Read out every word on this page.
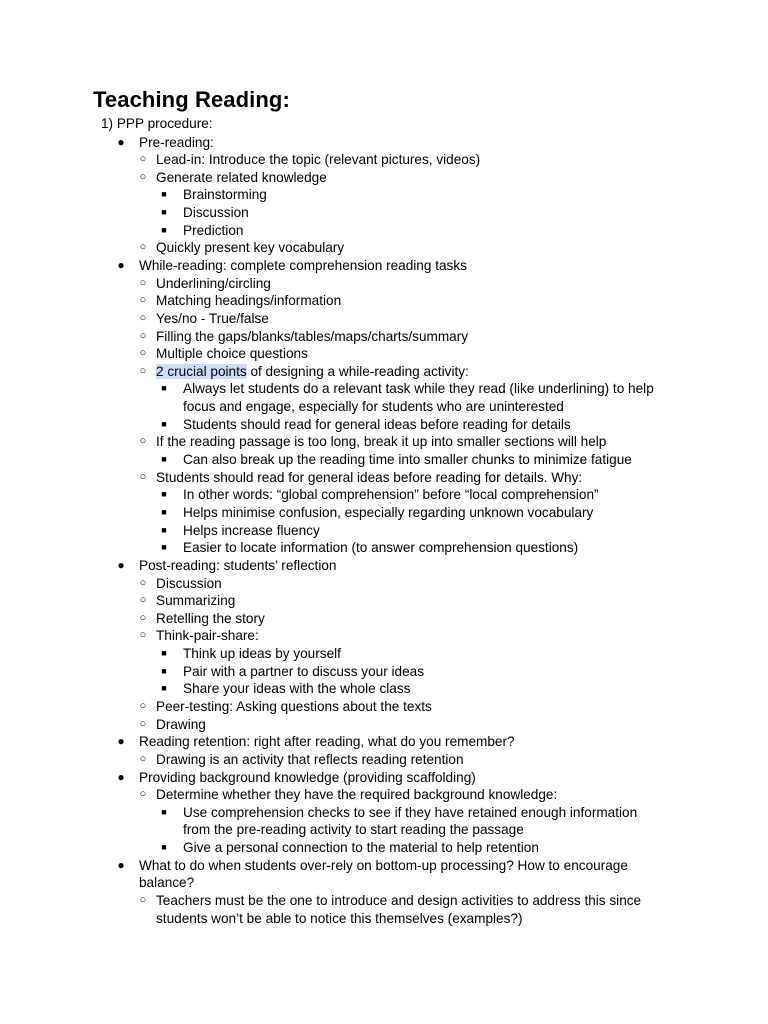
Teaching Reading:
1) PPP procedure:
● Pre-reading:
○ Lead-in: Introduce the topic (relevant pictures, videos)
○ Generate related knowledge
■	Brainstorming
■	Discussion
■	Prediction
○ Quickly present key vocabulary
● While-reading: complete comprehension reading tasks
○ Underlining/circling
○ Matching headings/information
○ Yes/no - True/false
○ Filling the gaps/blanks/tables/maps/charts/summary
○ Multiple choice questions
○ 2 crucial points of designing a while-reading activity:
■	Always let students do a relevant task while they read (like underlining) to help
focus and engage, especially for students who are uninterested
■	Students should read for general ideas before reading for details
○ If the reading passage is too long, break it up into smaller sections will help
■	Can also break up the reading time into smaller chunks to minimize fatigue
○ Students should read for general ideas before reading for details. Why:
■	In other words: “global comprehension” before “local comprehension”
■	Helps minimise confusion, especially regarding unknown vocabulary
■	Helps increase fluency
■	Easier to locate information (to answer comprehension questions)
● Post-reading: students’ reflection
○ Discussion
○ Summarizing
○ Retelling the story
○ Think-pair-share:
■	Think up ideas by yourself
■	Pair with a partner to discuss your ideas
■	Share your ideas with the whole class
○ Peer-testing: Asking questions about the texts
○ Drawing
● Reading retention: right after reading, what do you remember?
○ Drawing is an activity that reflects reading retention
● Providing background knowledge (providing scaffolding)
○ Determine whether they have the required background knowledge:
■	Use comprehension checks to see if they have retained enough information
from the pre-reading activity to start reading the passage
■	Give a personal connection to the material to help retention
● What to do when students over-rely on bottom-up processing? How to encourage
balance?
○ Teachers must be the one to introduce and design activities to address this since
students won’t be able to notice this themselves (examples?)
